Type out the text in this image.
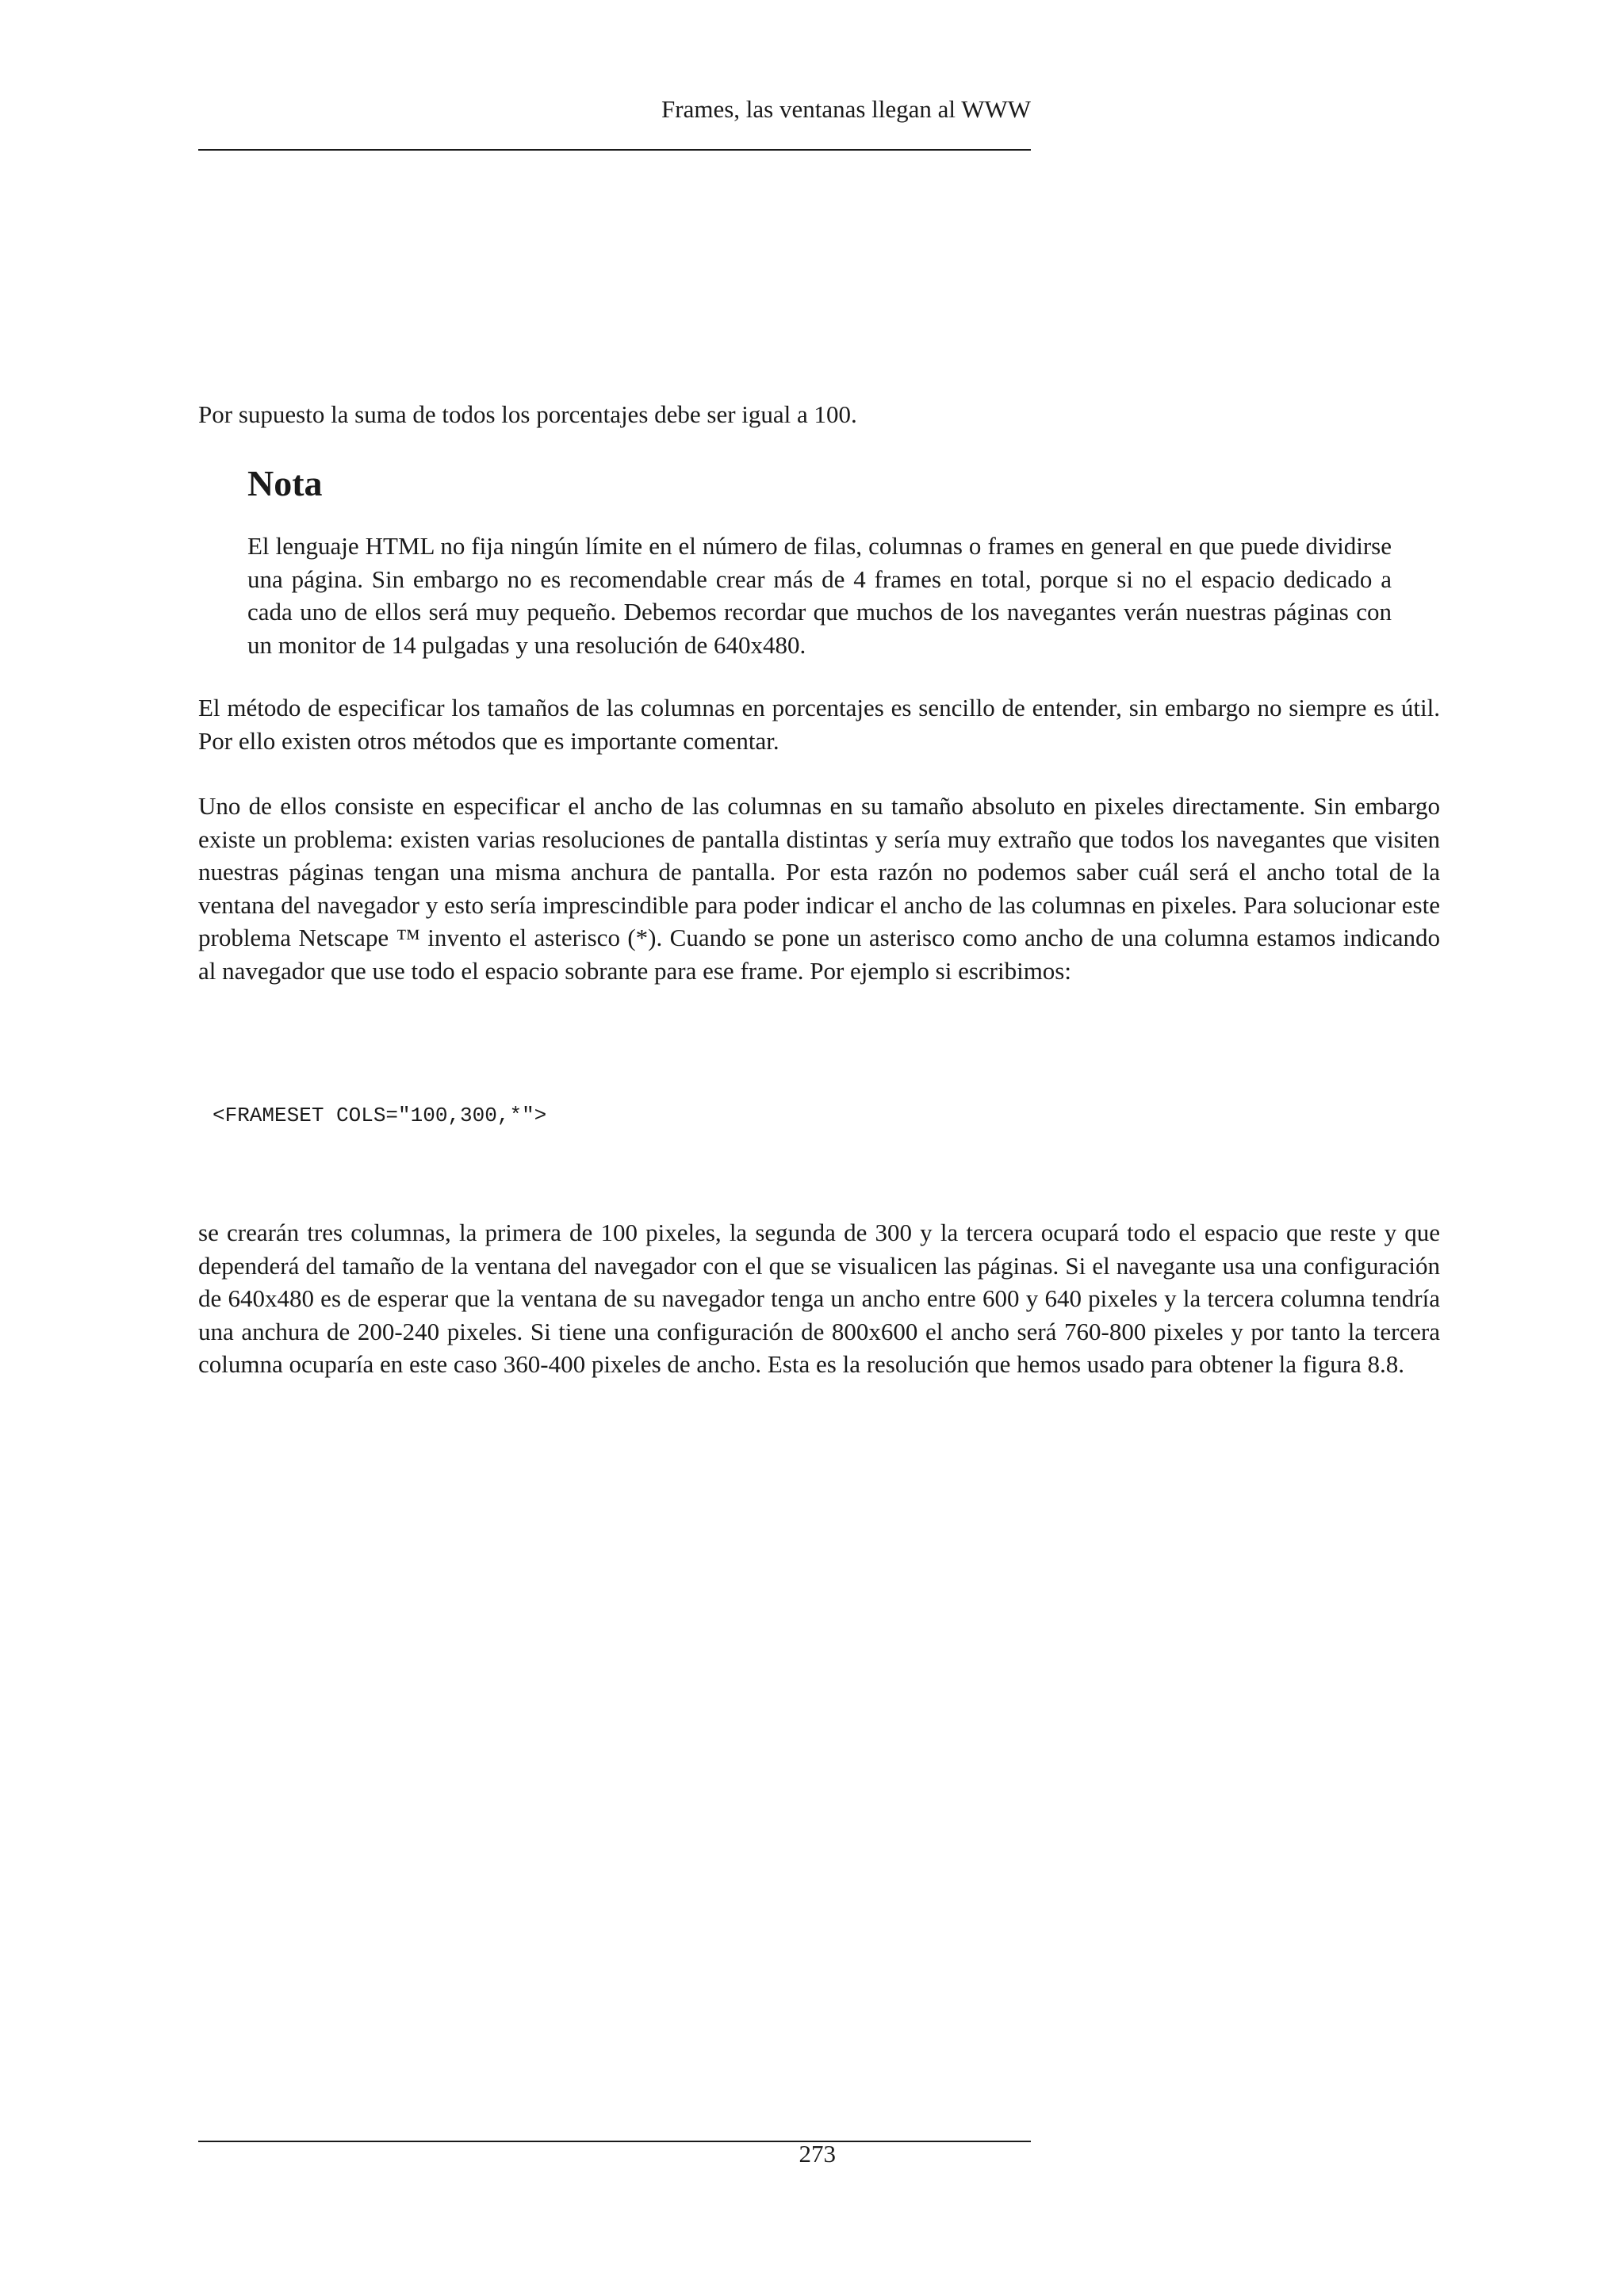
Frames, las ventanas llegan al WWW

Por supuesto la suma de todos los porcentajes debe ser igual a 100.

Nota

El lenguaje HTML no fija ningún límite en el número de filas, columnas o frames en general en que puede dividirse una página. Sin embargo no es recomendable crear más de 4 frames en total, porque si no el espacio dedicado a cada uno de ellos será muy pequeño. Debemos recordar que muchos de los navegantes verán nuestras páginas con un monitor de 14 pulgadas y una resolución de 640x480.

El método de especificar los tamaños de las columnas en porcentajes es sencillo de entender, sin embargo no siempre es útil. Por ello existen otros métodos que es importante comentar.

Uno de ellos consiste en especificar el ancho de las columnas en su tamaño absoluto en pixeles directamente. Sin embargo existe un problema: existen varias resoluciones de pantalla distintas y sería muy extraño que todos los navegantes que visiten nuestras páginas tengan una misma anchura de pantalla. Por esta razón no podemos saber cuál será el ancho total de la ventana del navegador y esto sería imprescindible para poder indicar el ancho de las columnas en pixeles. Para solucionar este problema Netscape ™ invento el asterisco (*). Cuando se pone un asterisco como ancho de una columna estamos indicando al navegador que use todo el espacio sobrante para ese frame. Por ejemplo si escribimos:

<FRAMESET COLS="100,300,*">

se crearán tres columnas, la primera de 100 pixeles, la segunda de 300 y la tercera ocupará todo el espacio que reste y que dependerá del tamaño de la ventana del navegador con el que se visualicen las páginas. Si el navegante usa una configuración de 640x480 es de esperar que la ventana de su navegador tenga un ancho entre 600 y 640 pixeles y la tercera columna tendría una anchura de 200-240 pixeles. Si tiene una configuración de 800x600 el ancho será 760-800 pixeles y por tanto la tercera columna ocuparía en este caso 360-400 pixeles de ancho. Esta es la resolución que hemos usado para obtener la figura 8.8.

273
